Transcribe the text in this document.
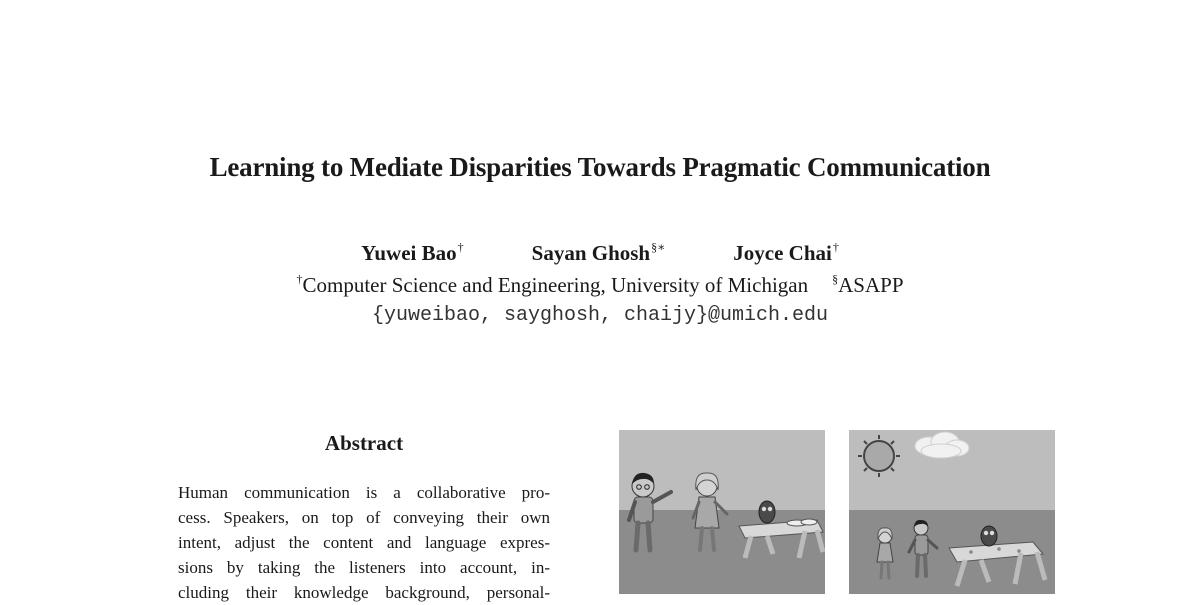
Learning to Mediate Disparities Towards Pragmatic Communication
Yuwei Bao†	Sayan Ghosh§∗	Joyce Chai†
†Computer Science and Engineering, University of Michigan §ASAPP
{yuweibao, sayghosh, chaijy}@umich.edu
Abstract
Human communication is a collaborative pro-
cess. Speakers, on top of conveying their own
intent, adjust the content and language expres-
sions by taking the listeners into account, in-
cluding their knowledge background, personal-
